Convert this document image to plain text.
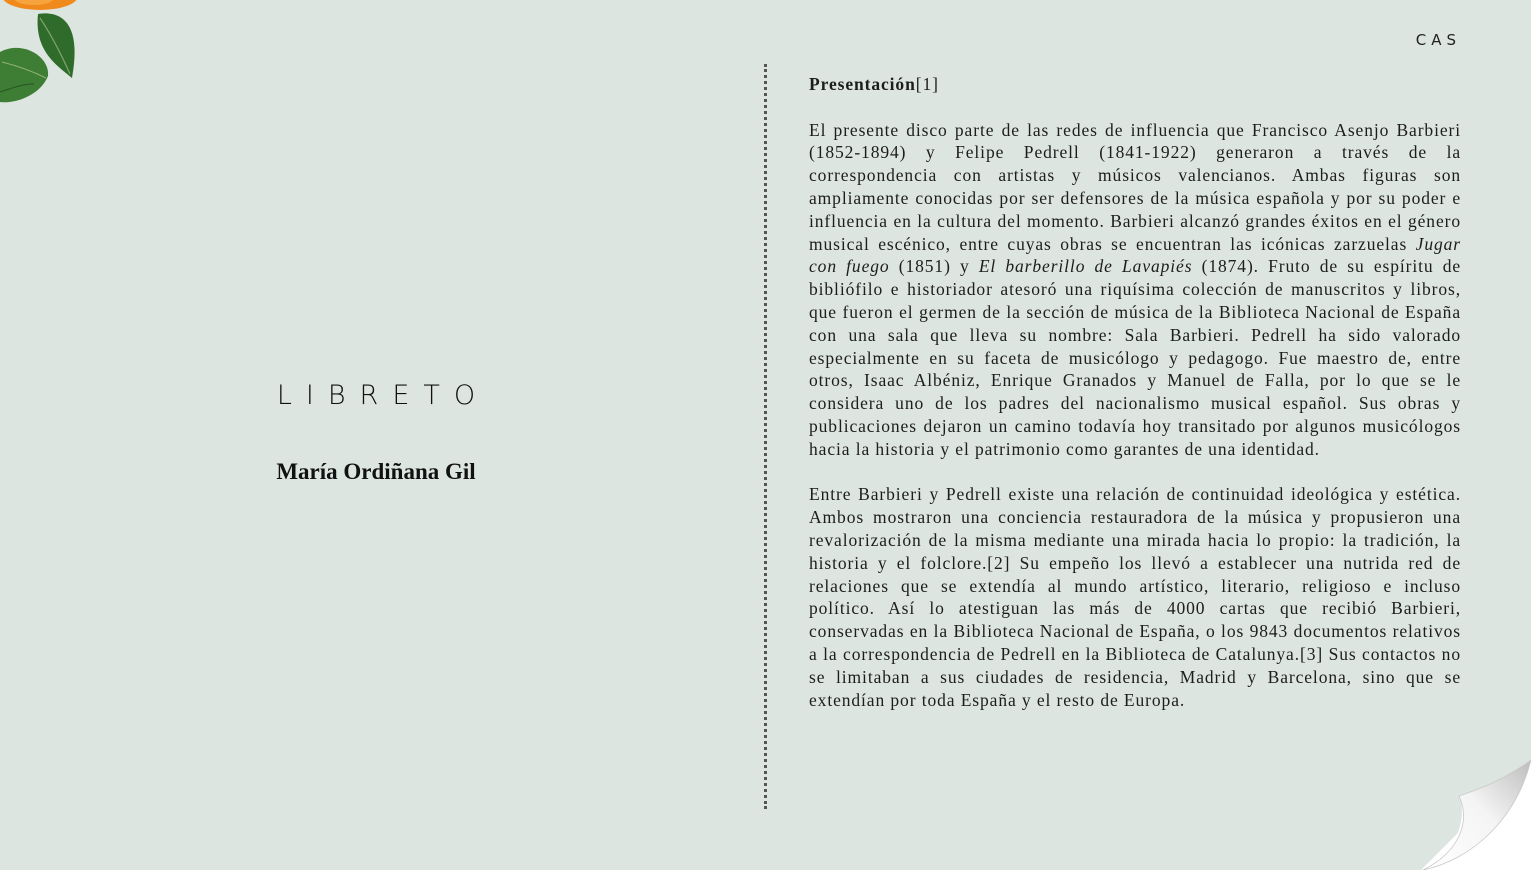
CAS
LIBRETO
María Ordiñana Gil
Presentación[1]

El presente disco parte de las redes de influencia que Francisco Asenjo Barbieri (1852-1894) y Felipe Pedrell (1841-1922) generaron a través de la correspondencia con artistas y músicos valencianos. Ambas figuras son ampliamente conocidas por ser defensores de la música española y por su poder e influencia en la cultura del momento. Barbieri alcanzó grandes éxitos en el género musical escénico, entre cuyas obras se encuentran las icónicas zarzuelas Jugar con fuego (1851) y El barberillo de Lavapiés (1874). Fruto de su espíritu de bibliófilo e historiador atesoró una riquísima colección de manuscritos y libros, que fueron el germen de la sección de música de la Biblioteca Nacional de España con una sala que lleva su nombre: Sala Barbieri. Pedrell ha sido valorado especialmente en su faceta de musicólogo y pedagogo. Fue maestro de, entre otros, Isaac Albéniz, Enrique Granados y Manuel de Falla, por lo que se le considera uno de los padres del nacionalismo musical español. Sus obras y publicaciones dejaron un camino todavía hoy transitado por algunos musicólogos hacia la historia y el patrimonio como garantes de una identidad.

Entre Barbieri y Pedrell existe una relación de continuidad ideológica y estética. Ambos mostraron una conciencia restauradora de la música y propusieron una revalorización de la misma mediante una mirada hacia lo propio: la tradición, la historia y el folclore.[2] Su empeño los llevó a establecer una nutrida red de relaciones que se extendía al mundo artístico, literario, religioso e incluso político. Así lo atestiguan las más de 4000 cartas que recibió Barbieri, conservadas en la Biblioteca Nacional de España, o los 9843 documentos relativos a la correspondencia de Pedrell en la Biblioteca de Catalunya.[3] Sus contactos no se limitaban a sus ciudades de residencia, Madrid y Barcelona, sino que se extendían por toda España y el resto de Europa.
